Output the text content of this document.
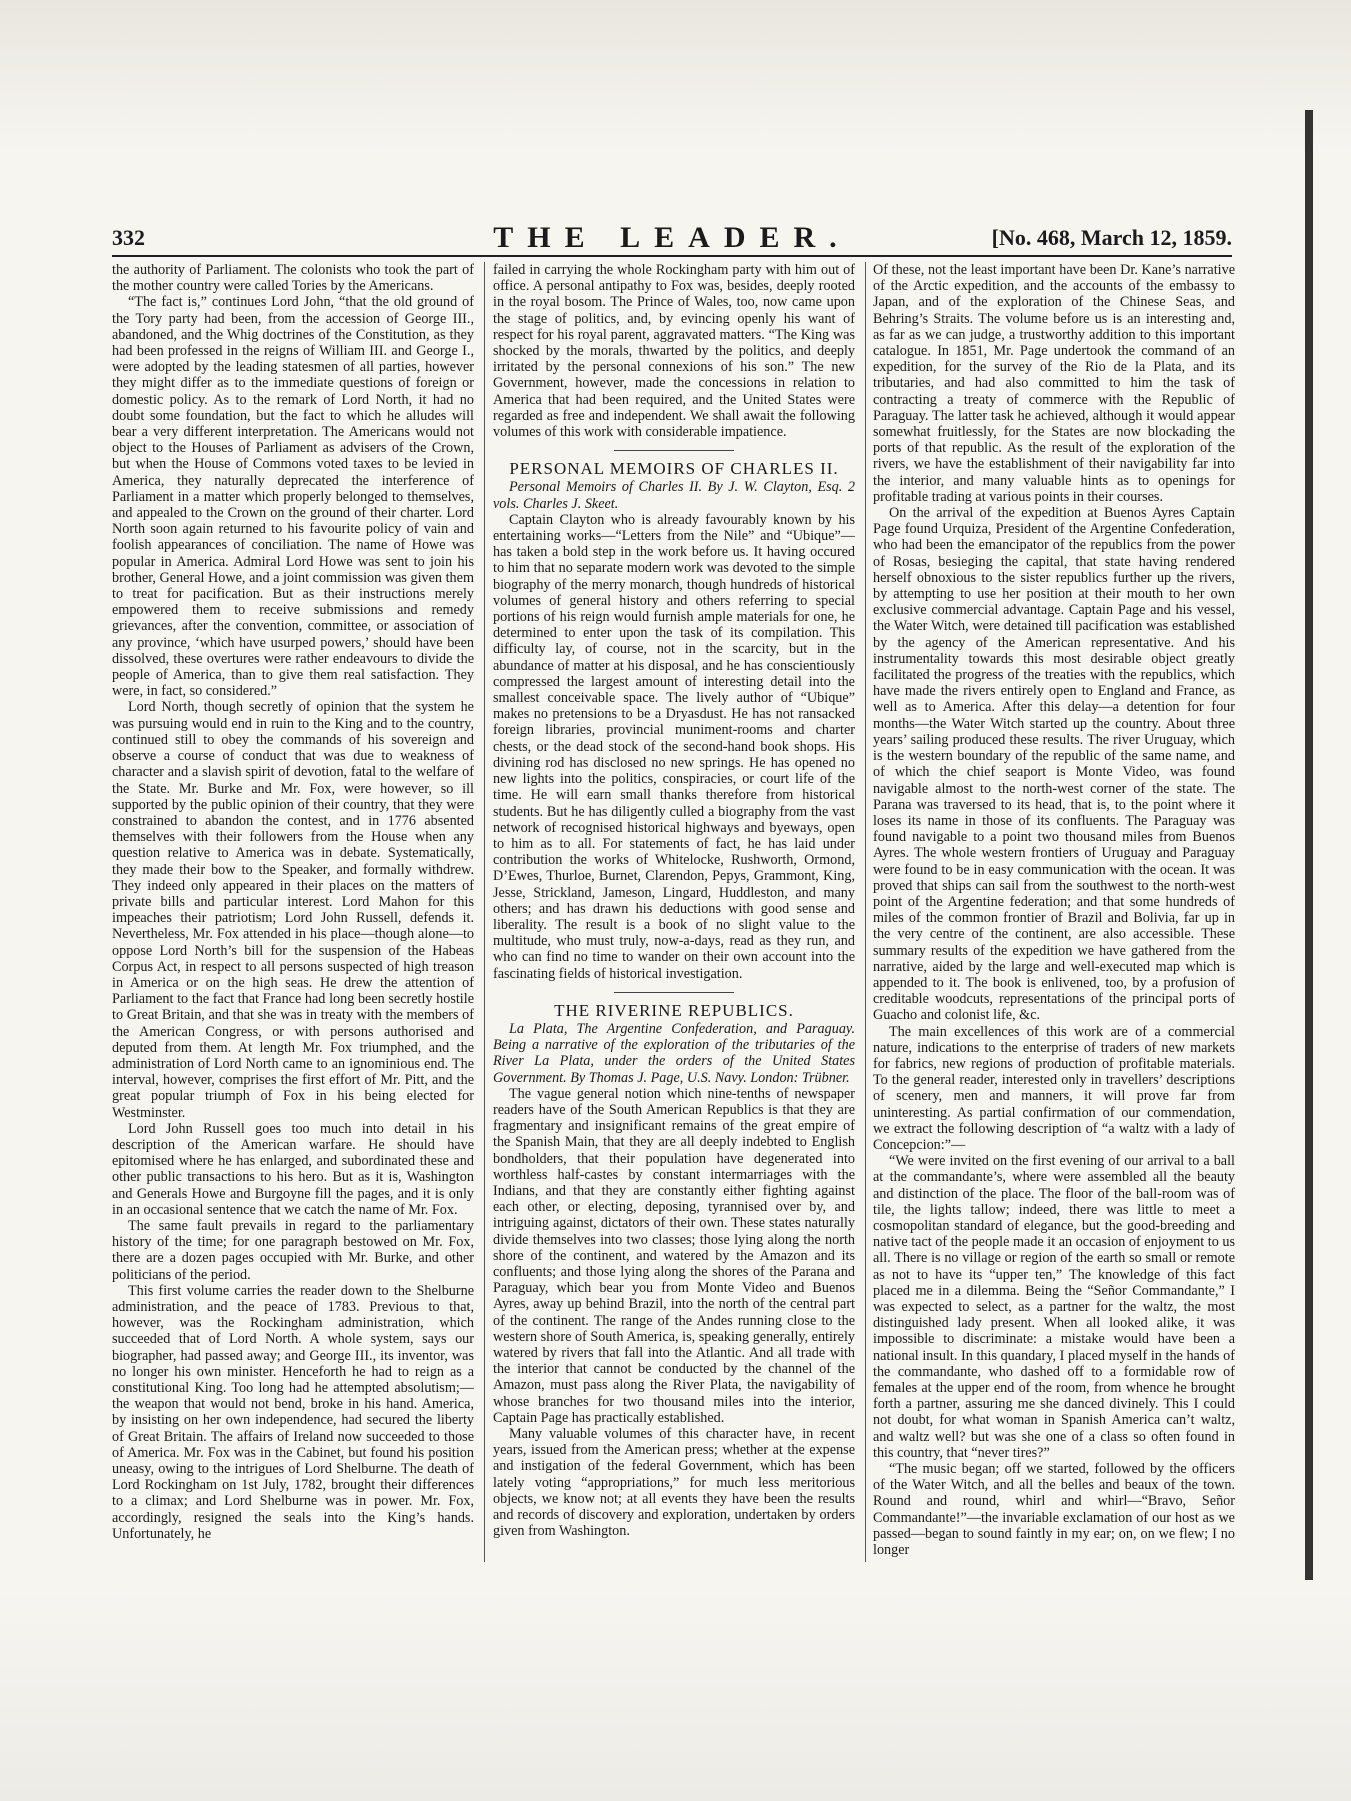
332	THE LEADER.	[No. 468, March 12, 1859.

the authority of Parliament. The colonists who took the part of the mother country were called Tories by the Americans.

“The fact is,” continues Lord John, “that the old ground of the Tory party had been, from the accession of George III., abandoned, and the Whig doctrines of the Constitution, as they had been professed in the reigns of William III. and George I., were adopted by the leading statesmen of all parties, however they might differ as to the immediate questions of foreign or domestic policy. As to the remark of Lord North, it had no doubt some foundation, but the fact to which he alludes will bear a very different interpretation. The Americans would not object to the Houses of Parliament as advisers of the Crown, but when the House of Commons voted taxes to be levied in America, they naturally deprecated the interference of Parliament in a matter which properly belonged to themselves, and appealed to the Crown on the ground of their charter. Lord North soon again returned to his favourite policy of vain and foolish appearances of conciliation. The name of Howe was popular in America. Admiral Lord Howe was sent to join his brother, General Howe, and a joint commission was given them to treat for pacification. But as their instructions merely empowered them to receive submissions and remedy grievances, after the convention, committee, or association of any province, ‘which have usurped powers,’ should have been dissolved, these overtures were rather endeavours to divide the people of America, than to give them real satisfaction. They were, in fact, so considered.”

Lord North, though secretly of opinion that the system he was pursuing would end in ruin to the King and to the country, continued still to obey the commands of his sovereign and observe a course of conduct that was due to weakness of character and a slavish spirit of devotion, fatal to the welfare of the State. Mr. Burke and Mr. Fox, were however, so ill supported by the public opinion of their country, that they were constrained to abandon the contest, and in 1776 absented themselves with their followers from the House when any question relative to America was in debate. Systematically, they made their bow to the Speaker, and formally withdrew. They indeed only appeared in their places on the matters of private bills and particular interest. Lord Mahon for this impeaches their patriotism; Lord John Russell, defends it. Nevertheless, Mr. Fox attended in his place—though alone—to oppose Lord North’s bill for the suspension of the Habeas Corpus Act, in respect to all persons suspected of high treason in America or on the high seas. He drew the attention of Parliament to the fact that France had long been secretly hostile to Great Britain, and that she was in treaty with the members of the American Congress, or with persons authorised and deputed from them. At length Mr. Fox triumphed, and the administration of Lord North came to an ignominious end. The interval, however, comprises the first effort of Mr. Pitt, and the great popular triumph of Fox in his being elected for Westminster.

Lord John Russell goes too much into detail in his description of the American warfare. He should have epitomised where he has enlarged, and subordinated these and other public transactions to his hero. But as it is, Washington and Generals Howe and Burgoyne fill the pages, and it is only in an occasional sentence that we catch the name of Mr. Fox.

The same fault prevails in regard to the parliamentary history of the time; for one paragraph bestowed on Mr. Fox, there are a dozen pages occupied with Mr. Burke, and other politicians of the period.

This first volume carries the reader down to the Shelburne administration, and the peace of 1783. Previous to that, however, was the Rockingham administration, which succeeded that of Lord North. A whole system, says our biographer, had passed away; and George III., its inventor, was no longer his own minister. Henceforth he had to reign as a constitutional King. Too long had he attempted absolutism;—the weapon that would not bend, broke in his hand. America, by insisting on her own independence, had secured the liberty of Great Britain. The affairs of Ireland now succeeded to those of America. Mr. Fox was in the Cabinet, but found his position uneasy, owing to the intrigues of Lord Shelburne. The death of Lord Rockingham on 1st July, 1782, brought their differences to a climax; and Lord Shelburne was in power. Mr. Fox, accordingly, resigned the seals into the King’s hands. Unfortunately, he

failed in carrying the whole Rockingham party with him out of office. A personal antipathy to Fox was, besides, deeply rooted in the royal bosom. The Prince of Wales, too, now came upon the stage of politics, and, by evincing openly his want of respect for his royal parent, aggravated matters. “The King was shocked by the morals, thwarted by the politics, and deeply irritated by the personal connexions of his son.” The new Government, however, made the concessions in relation to America that had been required, and the United States were regarded as free and independent. We shall await the following volumes of this work with considerable impatience.

PERSONAL MEMOIRS OF CHARLES II.

Personal Memoirs of Charles II. By J. W. Clayton, Esq. 2 vols. Charles J. Skeet.

Captain Clayton who is already favourably known by his entertaining works—“Letters from the Nile” and “Ubique”—has taken a bold step in the work before us. It having occured to him that no separate modern work was devoted to the simple biography of the merry monarch, though hundreds of historical volumes of general history and others referring to special portions of his reign would furnish ample materials for one, he determined to enter upon the task of its compilation. This difficulty lay, of course, not in the scarcity, but in the abundance of matter at his disposal, and he has conscientiously compressed the largest amount of interesting detail into the smallest conceivable space. The lively author of “Ubique” makes no pretensions to be a Dryasdust. He has not ransacked foreign libraries, provincial muniment-rooms and charter chests, or the dead stock of the second-hand book shops. His divining rod has disclosed no new springs. He has opened no new lights into the politics, conspiracies, or court life of the time. He will earn small thanks therefore from historical students. But he has diligently culled a biography from the vast network of recognised historical highways and byeways, open to him as to all. For statements of fact, he has laid under contribution the works of Whitelocke, Rushworth, Ormond, D’Ewes, Thurloe, Burnet, Clarendon, Pepys, Grammont, King, Jesse, Strickland, Jameson, Lingard, Huddleston, and many others; and has drawn his deductions with good sense and liberality. The result is a book of no slight value to the multitude, who must truly, now-a-days, read as they run, and who can find no time to wander on their own account into the fascinating fields of historical investigation.

THE RIVERINE REPUBLICS.

La Plata, The Argentine Confederation, and Paraguay. Being a narrative of the exploration of the tributaries of the River La Plata, under the orders of the United States Government. By Thomas J. Page, U.S. Navy. London: Trübner.

The vague general notion which nine-tenths of newspaper readers have of the South American Republics is that they are fragmentary and insignificant remains of the great empire of the Spanish Main, that they are all deeply indebted to English bondholders, that their population have degenerated into worthless half-castes by constant intermarriages with the Indians, and that they are constantly either fighting against each other, or electing, deposing, tyrannised over by, and intriguing against, dictators of their own. These states naturally divide themselves into two classes; those lying along the north shore of the continent, and watered by the Amazon and its confluents; and those lying along the shores of the Parana and Paraguay, which bear you from Monte Video and Buenos Ayres, away up behind Brazil, into the north of the central part of the continent. The range of the Andes running close to the western shore of South America, is, speaking generally, entirely watered by rivers that fall into the Atlantic. And all trade with the interior that cannot be conducted by the channel of the Amazon, must pass along the River Plata, the navigability of whose branches for two thousand miles into the interior, Captain Page has practically established.

Many valuable volumes of this character have, in recent years, issued from the American press; whether at the expense and instigation of the federal Government, which has been lately voting “appropriations,” for much less meritorious objects, we know not; at all events they have been the results and records of discovery and exploration, undertaken by orders given from Washington.

Of these, not the least important have been Dr. Kane’s narrative of the Arctic expedition, and the accounts of the embassy to Japan, and of the exploration of the Chinese Seas, and Behring’s Straits. The volume before us is an interesting and, as far as we can judge, a trustworthy addition to this important catalogue. In 1851, Mr. Page undertook the command of an expedition, for the survey of the Rio de la Plata, and its tributaries, and had also committed to him the task of contracting a treaty of commerce with the Republic of Paraguay. The latter task he achieved, although it would appear somewhat fruitlessly, for the States are now blockading the ports of that republic. As the result of the exploration of the rivers, we have the establishment of their navigability far into the interior, and many valuable hints as to openings for profitable trading at various points in their courses.

On the arrival of the expedition at Buenos Ayres Captain Page found Urquiza, President of the Argentine Confederation, who had been the emancipator of the republics from the power of Rosas, besieging the capital, that state having rendered herself obnoxious to the sister republics further up the rivers, by attempting to use her position at their mouth to her own exclusive commercial advantage. Captain Page and his vessel, the Water Witch, were detained till pacification was established by the agency of the American representative. And his instrumentality towards this most desirable object greatly facilitated the progress of the treaties with the republics, which have made the rivers entirely open to England and France, as well as to America. After this delay—a detention for four months—the Water Witch started up the country. About three years’ sailing produced these results. The river Uruguay, which is the western boundary of the republic of the same name, and of which the chief seaport is Monte Video, was found navigable almost to the north-west corner of the state. The Parana was traversed to its head, that is, to the point where it loses its name in those of its confluents. The Paraguay was found navigable to a point two thousand miles from Buenos Ayres. The whole western frontiers of Uruguay and Paraguay were found to be in easy communication with the ocean. It was proved that ships can sail from the southwest to the north-west point of the Argentine federation; and that some hundreds of miles of the common frontier of Brazil and Bolivia, far up in the very centre of the continent, are also accessible. These summary results of the expedition we have gathered from the narrative, aided by the large and well-executed map which is appended to it. The book is enlivened, too, by a profusion of creditable woodcuts, representations of the principal ports of Guacho and colonist life, &c.

The main excellences of this work are of a commercial nature, indications to the enterprise of traders of new markets for fabrics, new regions of production of profitable materials. To the general reader, interested only in travellers’ descriptions of scenery, men and manners, it will prove far from uninteresting. As partial confirmation of our commendation, we extract the following description of “a waltz with a lady of Concepcion:”—

“We were invited on the first evening of our arrival to a ball at the commandante’s, where were assembled all the beauty and distinction of the place. The floor of the ball-room was of tile, the lights tallow; indeed, there was little to meet a cosmopolitan standard of elegance, but the good-breeding and native tact of the people made it an occasion of enjoyment to us all. There is no village or region of the earth so small or remote as not to have its “upper ten,” The knowledge of this fact placed me in a dilemma. Being the “Señor Commandante,” I was expected to select, as a partner for the waltz, the most distinguished lady present. When all looked alike, it was impossible to discriminate: a mistake would have been a national insult. In this quandary, I placed myself in the hands of the commandante, who dashed off to a formidable row of females at the upper end of the room, from whence he brought forth a partner, assuring me she danced divinely. This I could not doubt, for what woman in Spanish America can’t waltz, and waltz well? but was she one of a class so often found in this country, that “never tires?”

“The music began; off we started, followed by the officers of the Water Witch, and all the belles and beaux of the town. Round and round, whirl and whirl—“Bravo, Señor Commandante!”—the invariable exclamation of our host as we passed—began to sound faintly in my ear; on, on we flew; I no longer
